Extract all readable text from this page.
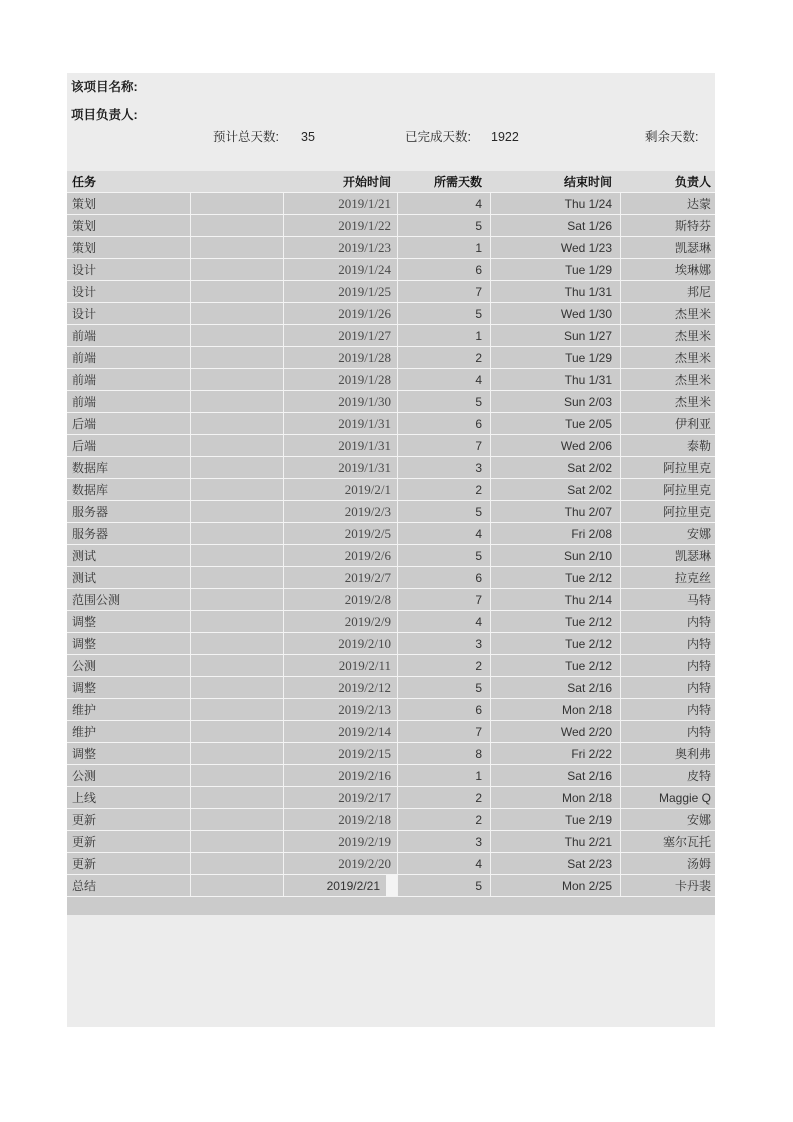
该项目名称:
项目负责人:
预计总天数: 35	已完成天数: 1922	剩余天数:
任务	开始时间	所需天数	结束时间	负责人
策划	2019/1/21	4	Thu 1/24	达蒙
策划	2019/1/22	5	Sat 1/26	斯特芬
策划	2019/1/23	1	Wed 1/23	凯瑟琳
设计	2019/1/24	6	Tue 1/29	埃琳娜
设计	2019/1/25	7	Thu 1/31	邦尼
设计	2019/1/26	5	Wed 1/30	杰里米
前端	2019/1/27	1	Sun 1/27	杰里米
前端	2019/1/28	2	Tue 1/29	杰里米
前端	2019/1/28	4	Thu 1/31	杰里米
前端	2019/1/30	5	Sun 2/03	杰里米
后端	2019/1/31	6	Tue 2/05	伊利亚
后端	2019/1/31	7	Wed 2/06	泰勒
数据库	2019/1/31	3	Sat 2/02	阿拉里克
数据库	2019/2/1	2	Sat 2/02	阿拉里克
服务器	2019/2/3	5	Thu 2/07	阿拉里克
服务器	2019/2/5	4	Fri 2/08	安娜
测试	2019/2/6	5	Sun 2/10	凯瑟琳
测试	2019/2/7	6	Tue 2/12	拉克丝
范围公测	2019/2/8	7	Thu 2/14	马特
调整	2019/2/9	4	Tue 2/12	内特
调整	2019/2/10	3	Tue 2/12	内特
公测	2019/2/11	2	Tue 2/12	内特
调整	2019/2/12	5	Sat 2/16	内特
维护	2019/2/13	6	Mon 2/18	内特
维护	2019/2/14	7	Wed 2/20	内特
调整	2019/2/15	8	Fri 2/22	奥利弗
公测	2019/2/16	1	Sat 2/16	皮特
上线	2019/2/17	2	Mon 2/18	Maggie Q
更新	2019/2/18	2	Tue 2/19	安娜
更新	2019/2/19	3	Thu 2/21	塞尔瓦托
更新	2019/2/20	4	Sat 2/23	汤姆
总结	2019/2/21	5	Mon 2/25	卡丹裴
